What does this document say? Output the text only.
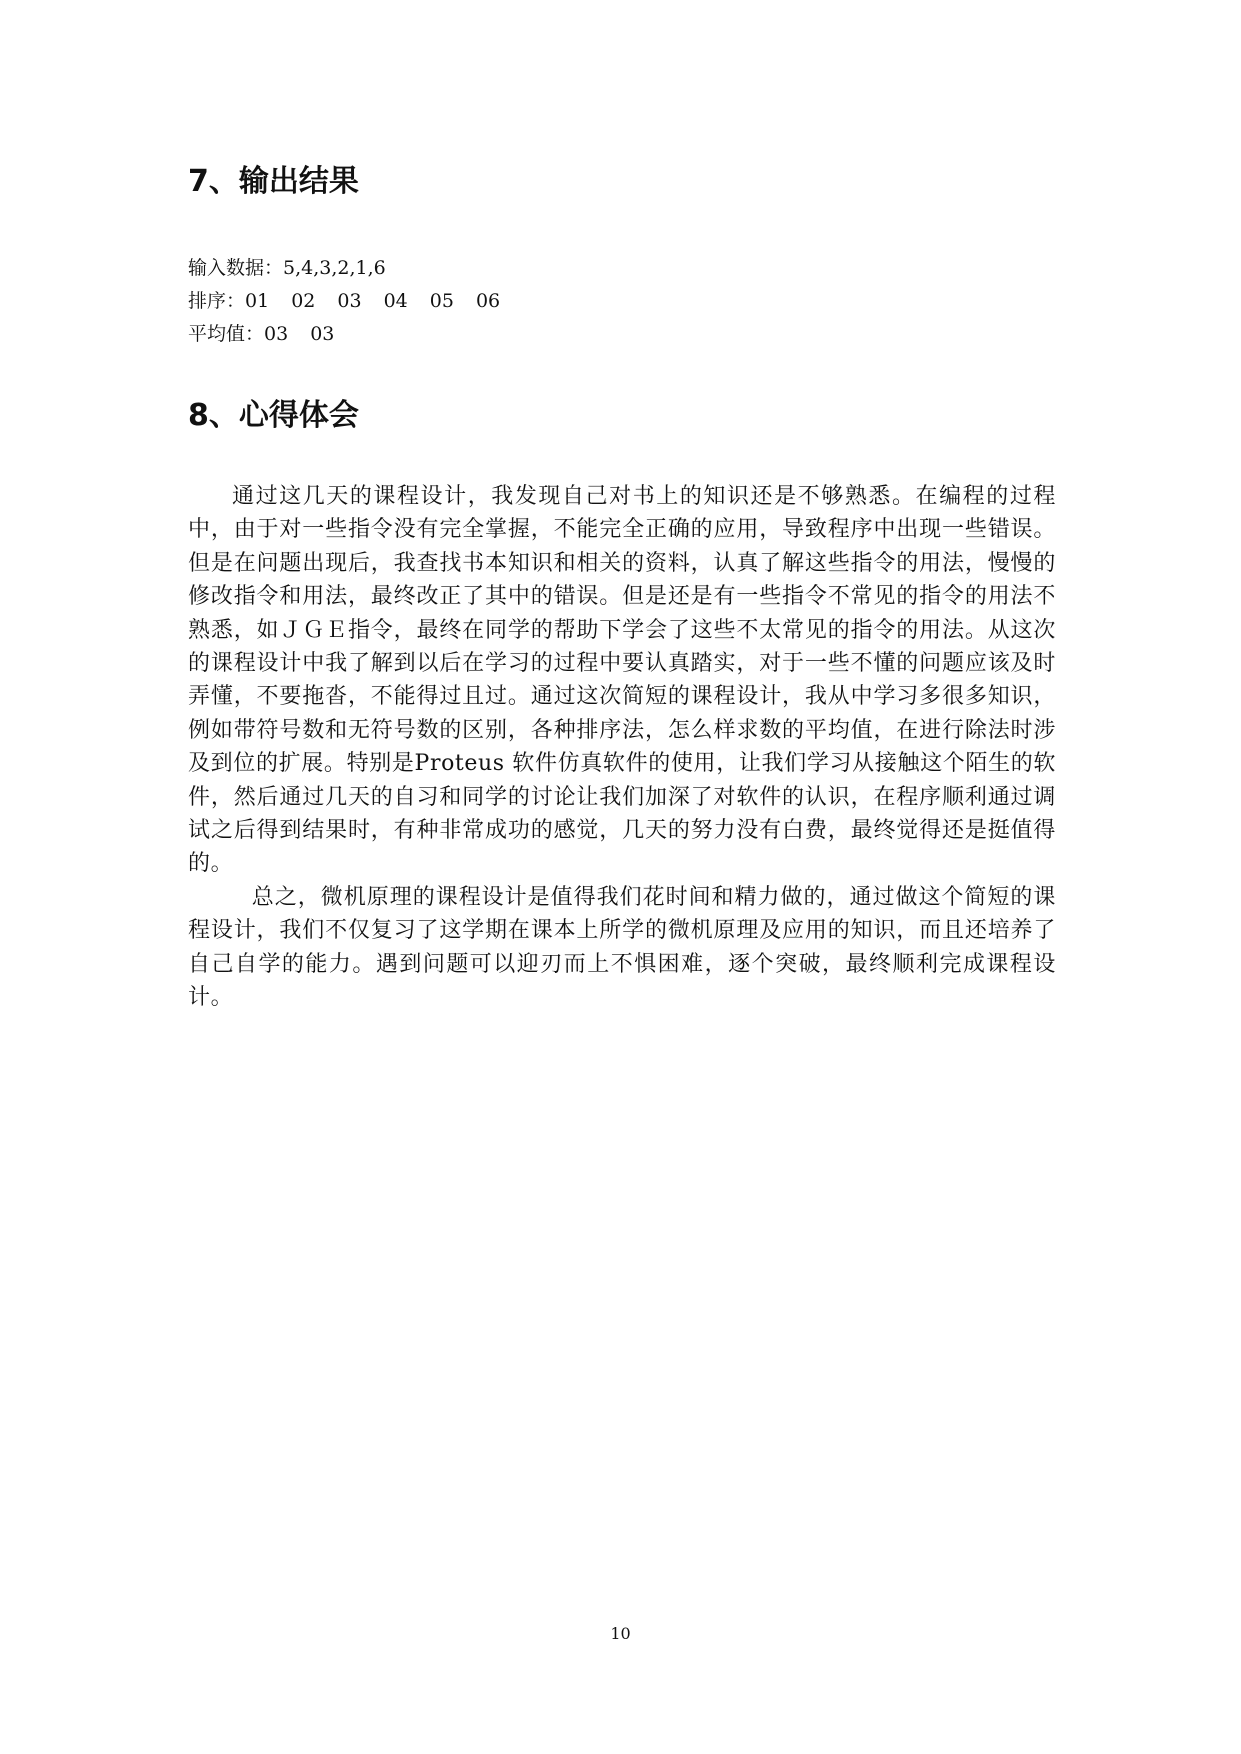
7、输出结果
输入数据：5,4,3,2,1,6
排序：01 02 03 04 05 06
平均值：03 03
8、心得体会

通过这几天的课程设计，我发现自己对书上的知识还是不够熟悉。在编程的过程中，由于对一些指令没有完全掌握，不能完全正确的应用，导致程序中出现一些错误。但是在问题出现后，我查找书本知识和相关的资料，认真了解这些指令的用法，慢慢的修改指令和用法，最终改正了其中的错误。但是还是有一些指令不常见的指令的用法不熟悉，如ＪＧＥ指令，最终在同学的帮助下学会了这些不太常见的指令的用法。从这次的课程设计中我了解到以后在学习的过程中要认真踏实，对于一些不懂的问题应该及时弄懂，不要拖沓，不能得过且过。通过这次简短的课程设计，我从中学习多很多知识，例如带符号数和无符号数的区别，各种排序法，怎么样求数的平均值，在进行除法时涉及到位的扩展。特别是Proteus 软件仿真软件的使用，让我们学习从接触这个陌生的软件，然后通过几天的自习和同学的讨论让我们加深了对软件的认识，在程序顺利通过调试之后得到结果时，有种非常成功的感觉，几天的努力没有白费，最终觉得还是挺值得的。

总之，微机原理的课程设计是值得我们花时间和精力做的，通过做这个简短的课程设计，我们不仅复习了这学期在课本上所学的微机原理及应用的知识，而且还培养了自己自学的能力。遇到问题可以迎刃而上不惧困难，逐个突破，最终顺利完成课程设计。

10
